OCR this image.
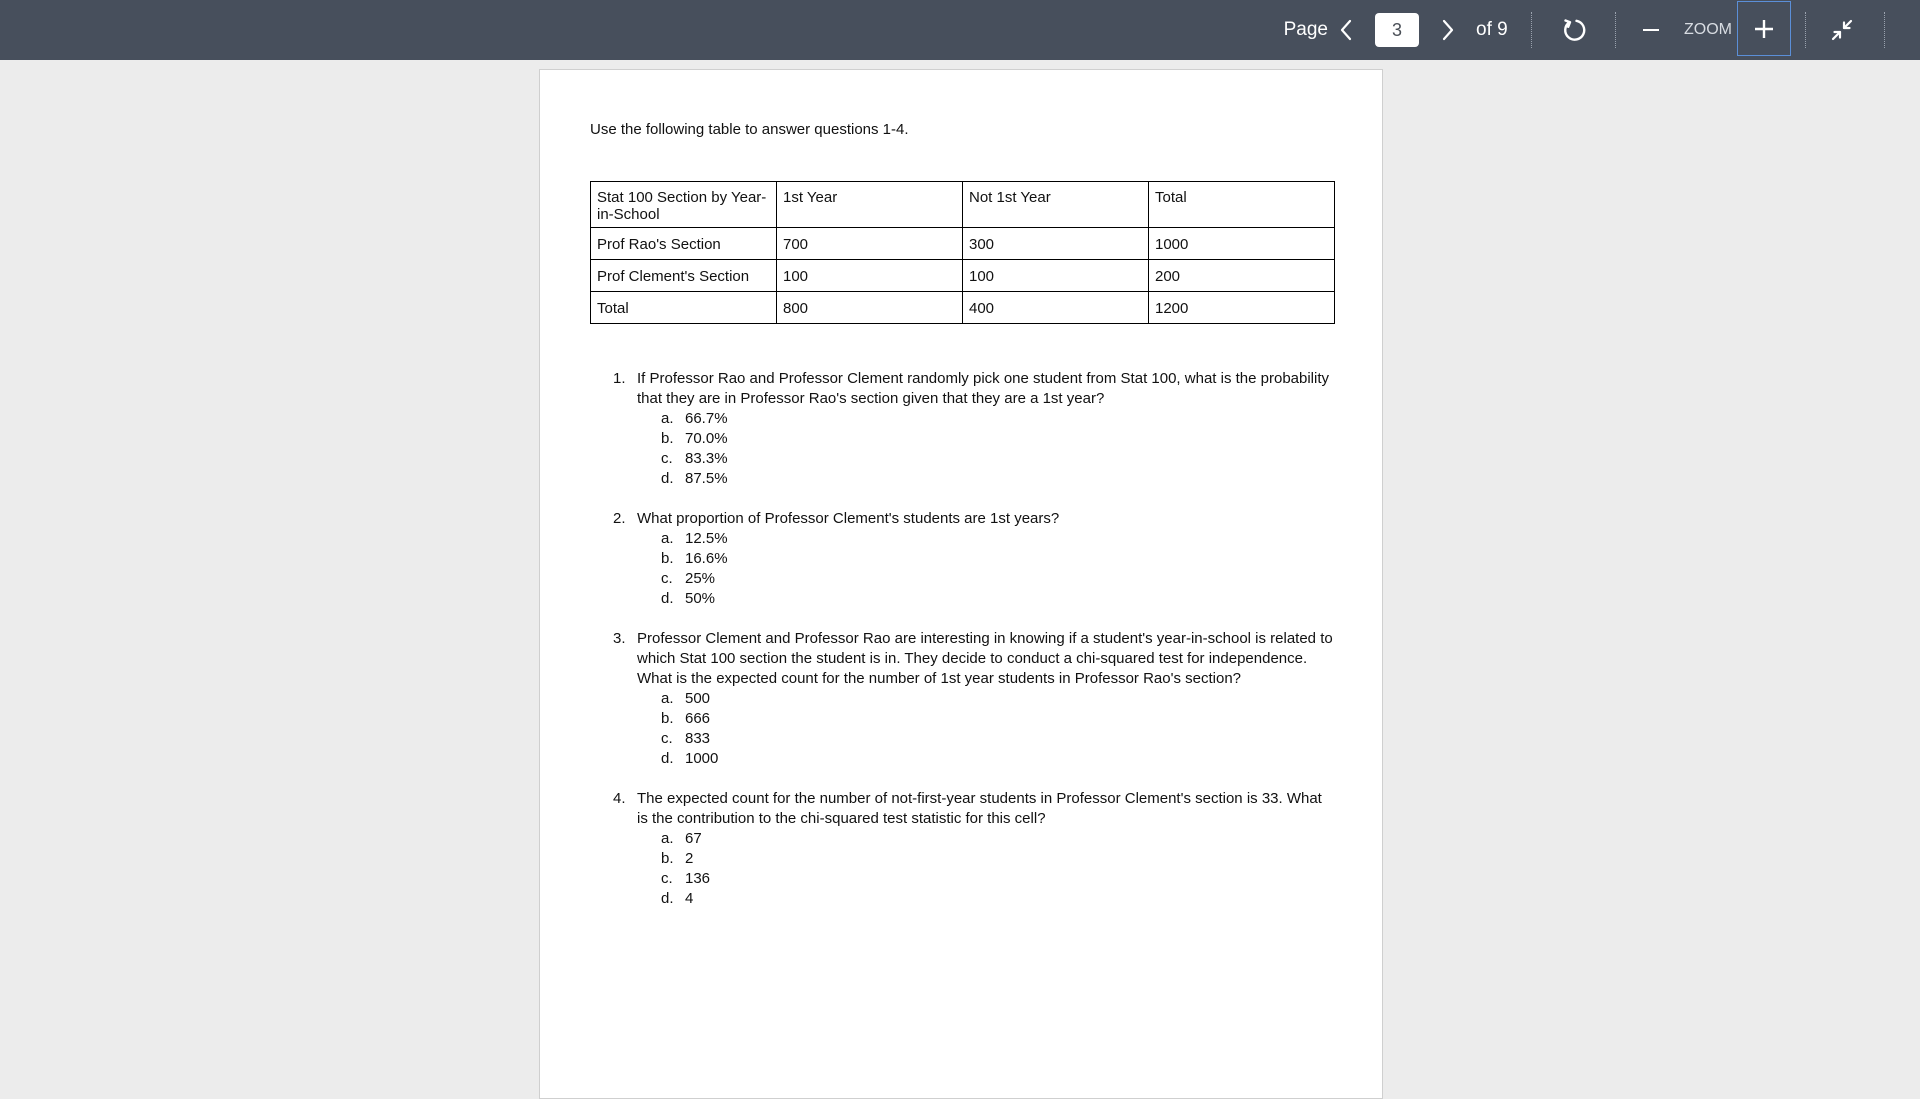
Page
3	of 9	ZOOM
Use the following table to answer questions 1-4.
Stat 100 Section by Year-in-School	1st Year	Not 1st Year	Total
Prof Rao's Section	700	300	1000
Prof Clement's Section	100	100	200
Total	800	400	1200
1. If Professor Rao and Professor Clement randomly pick one student from Stat 100, what is the probability that they are in Professor Rao's section given that they are a 1st year?
a. 66.7%
b. 70.0%
c. 83.3%
d. 87.5%
2. What proportion of Professor Clement's students are 1st years?
a. 12.5%
b. 16.6%
c. 25%
d. 50%
3. Professor Clement and Professor Rao are interesting in knowing if a student's year-in-school is related to which Stat 100 section the student is in. They decide to conduct a chi-squared test for independence. What is the expected count for the number of 1st year students in Professor Rao's section?
a. 500
b. 666
c. 833
d. 1000
4. The expected count for the number of not-first-year students in Professor Clement's section is 33. What is the contribution to the chi-squared test statistic for this cell?
a. 67
b. 2
c. 136
d. 4
